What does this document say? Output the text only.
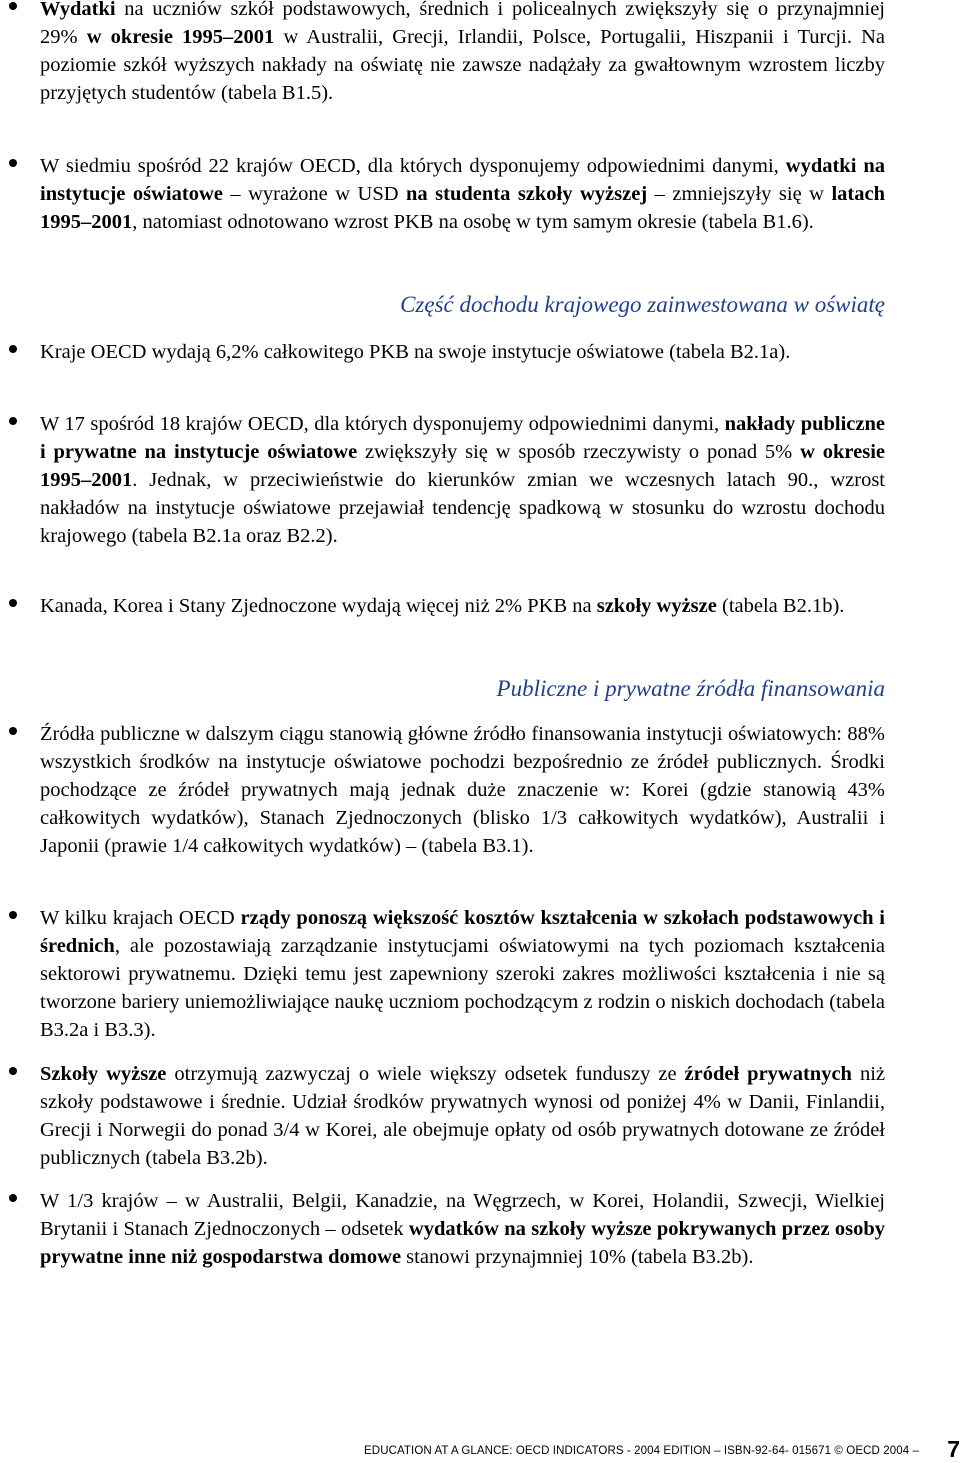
Wydatki na uczniów szkół podstawowych, średnich i policealnych zwiększyły się o przynajmniej 29% w okresie 1995–2001 w Australii, Grecji, Irlandii, Polsce, Portugalii, Hiszpanii i Turcji. Na poziomie szkół wyższych nakłady na oświatę nie zawsze nadążały za gwałtownym wzrostem liczby przyjętych studentów (tabela B1.5).
W siedmiu spośród 22 krajów OECD, dla których dysponujemy odpowiednimi danymi, wydatki na instytucje oświatowe – wyrażone w USD na studenta szkoły wyższej – zmniejszyły się w latach 1995–2001, natomiast odnotowano wzrost PKB na osobę w tym samym okresie (tabela B1.6).
Część dochodu krajowego zainwestowana w oświatę
Kraje OECD wydają 6,2% całkowitego PKB na swoje instytucje oświatowe (tabela B2.1a).
W 17 spośród 18 krajów OECD, dla których dysponujemy odpowiednimi danymi, nakłady publiczne i prywatne na instytucje oświatowe zwiększyły się w sposób rzeczywisty o ponad 5% w okresie 1995–2001. Jednak, w przeciwieństwie do kierunków zmian we wczesnych latach 90., wzrost nakładów na instytucje oświatowe przejawiał tendencję spadkową w stosunku do wzrostu dochodu krajowego (tabela B2.1a oraz B2.2).
Kanada, Korea i Stany Zjednoczone wydają więcej niż 2% PKB na szkoły wyższe (tabela B2.1b).
Publiczne i prywatne źródła finansowania
Źródła publiczne w dalszym ciągu stanowią główne źródło finansowania instytucji oświatowych: 88% wszystkich środków na instytucje oświatowe pochodzi bezpośrednio ze źródeł publicznych. Środki pochodzące ze źródeł prywatnych mają jednak duże znaczenie w: Korei (gdzie stanowią 43% całkowitych wydatków), Stanach Zjednoczonych (blisko 1/3 całkowitych wydatków), Australii i Japonii (prawie 1/4 całkowitych wydatków) – (tabela B3.1).
W kilku krajach OECD rządy ponoszą większość kosztów kształcenia w szkołach podstawowych i średnich, ale pozostawiają zarządzanie instytucjami oświatowymi na tych poziomach kształcenia sektorowi prywatnemu. Dzięki temu jest zapewniony szeroki zakres możliwości kształcenia i nie są tworzone bariery uniemożliwiające naukę uczniom pochodzącym z rodzin o niskich dochodach (tabela B3.2a i B3.3).
Szkoły wyższe otrzymują zazwyczaj o wiele większy odsetek funduszy ze źródeł prywatnych niż szkoły podstawowe i średnie. Udział środków prywatnych wynosi od poniżej 4% w Danii, Finlandii, Grecji i Norwegii do ponad 3/4 w Korei, ale obejmuje opłaty od osób prywatnych dotowane ze źródeł publicznych (tabela B3.2b).
W 1/3 krajów – w Australii, Belgii, Kanadzie, na Węgrzech, w Korei, Holandii, Szwecji, Wielkiej Brytanii i Stanach Zjednoczonych – odsetek wydatków na szkoły wyższe pokrywanych przez osoby prywatne inne niż gospodarstwa domowe stanowi przynajmniej 10% (tabela B3.2b).
EDUCATION AT A GLANCE: OECD INDICATORS - 2004 EDITION – ISBN-92-64- 015671 © OECD 2004 – 7
